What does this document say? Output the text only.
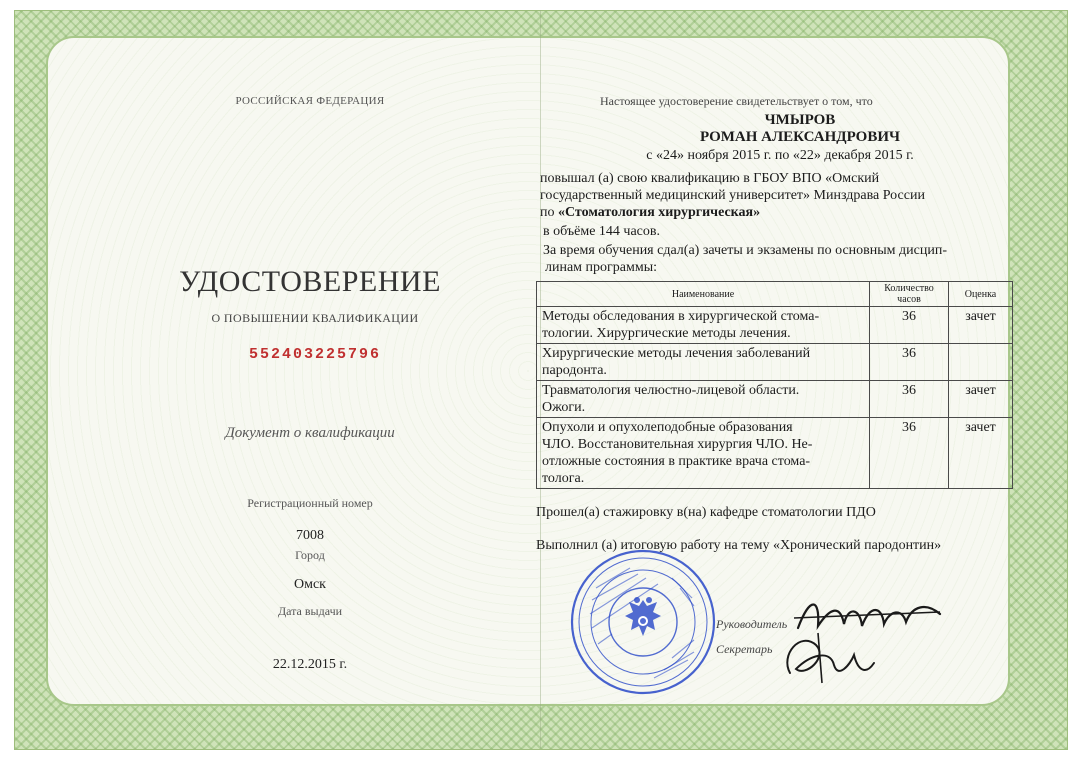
РОССИЙСКАЯ ФЕДЕРАЦИЯ
УДОСТОВЕРЕНИЕ
О ПОВЫШЕНИИ КВАЛИФИКАЦИИ
552403225796
Документ о квалификации
Регистрационный номер
7008
Город
Омск
Дата выдачи
22.12.2015 г.
Настоящее удостоверение свидетельствует о том, что
ЧМЫРОВ
РОМАН АЛЕКСАНДРОВИЧ
с «24» ноября 2015 г. по «22» декабря 2015 г.
повышал (а) свою квалификацию в ГБОУ ВПО «Омский
государственный медицинский университет» Минздрава России
по «Стоматология хирургическая»
в объёме 144 часов.
За время обучения сдал(а) зачеты и экзамены по основным дисцип-
линам программы:
Наименование	Количество часов	Оценка

Методы обследования в хирургической стома-
тологии. Хирургические методы лечения.	36	зачет

Хирургические методы лечения заболеваний
пародонта.	36	

Травматология челюстно-лицевой области.
Ожоги.	36	зачет

Опухоли и опухолеподобные образования
ЧЛО. Восстановительная хирургия ЧЛО. Не-
отложные состояния в практике врача стома-
толога.	36	зачет
Прошел(а) стажировку в(на) кафедре стоматологии ПДО
Выполнил (а) итоговую работу на тему «Хронический пародонтин»
Руководитель
Секретарь
